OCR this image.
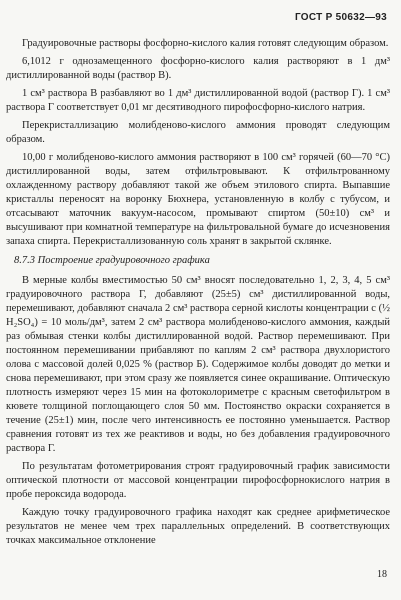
ГОСТ Р 50632—93

Градуировочные растворы фосфорно-кислого калия готовят следующим образом.

6,1012 г однозамещенного фосфорно-кислого калия растворяют в 1 дм³ дистиллированной воды (раствор В).

1 см³ раствора В разбавляют во 1 дм³ дистиллированной водой (раствор Г). 1 см³ раствора Г соответствует 0,01 мг десятиводного пирофосфорно-кислого натрия.

Перекристаллизацию молибденово-кислого аммония проводят следующим образом.

10,00 г молибденово-кислого аммония растворяют в 100 см³ горячей (60—70 °С) дистиллированной воды, затем отфильтровывают. К отфильтрованному охлажденному раствору добавляют такой же объем этилового спирта. Выпавшие кристаллы переносят на воронку Бюхнера, установленную в колбу с тубусом, и отсасывают маточник вакуум-насосом, промывают спиртом (50±10) см³ и высушивают при комнатной температуре на фильтровальной бумаге до исчезновения запаха спирта. Перекристаллизованную соль хранят в закрытой склянке.

8.7.3 Построение градуировочного графика

В мерные колбы вместимостью 50 см³ вносят последовательно 1, 2, 3, 4, 5 см³ градуировочного раствора Г, добавляют (25±5) см³ дистиллированной воды, перемешивают, добавляют сначала 2 см³ раствора серной кислоты концентрации с (½ H₂SO₄) = 10 моль/дм³, затем 2 см³ раствора молибденово-кислого аммония, каждый раз обмывая стенки колбы дистиллированной водой. Раствор перемешивают. При постоянном перемешивании прибавляют по каплям 2 см³ раствора двухлористого олова с массовой долей 0,025 % (раствор Б). Содержимое колбы доводят до метки и снова перемешивают, при этом сразу же появляется синее окрашивание. Оптическую плотность измеряют через 15 мин на фотоколориметре с красным светофильтром в кювете толщиной поглощающего слоя 50 мм. Постоянство окраски сохраняется в течение (25±1) мин, после чего интенсивность ее постоянно уменьшается. Раствор сравнения готовят из тех же реактивов и воды, но без добавления градуировочного раствора Г.

По результатам фотометрирования строят градуировочный график зависимости оптической плотности от массовой концентрации пирофосфорнокислого натрия в пробе пероксида водорода.

Каждую точку градуировочного графика находят как среднее арифметическое результатов не менее чем трех параллельных определений. В соответствующих точках максимальное отклонение

18
